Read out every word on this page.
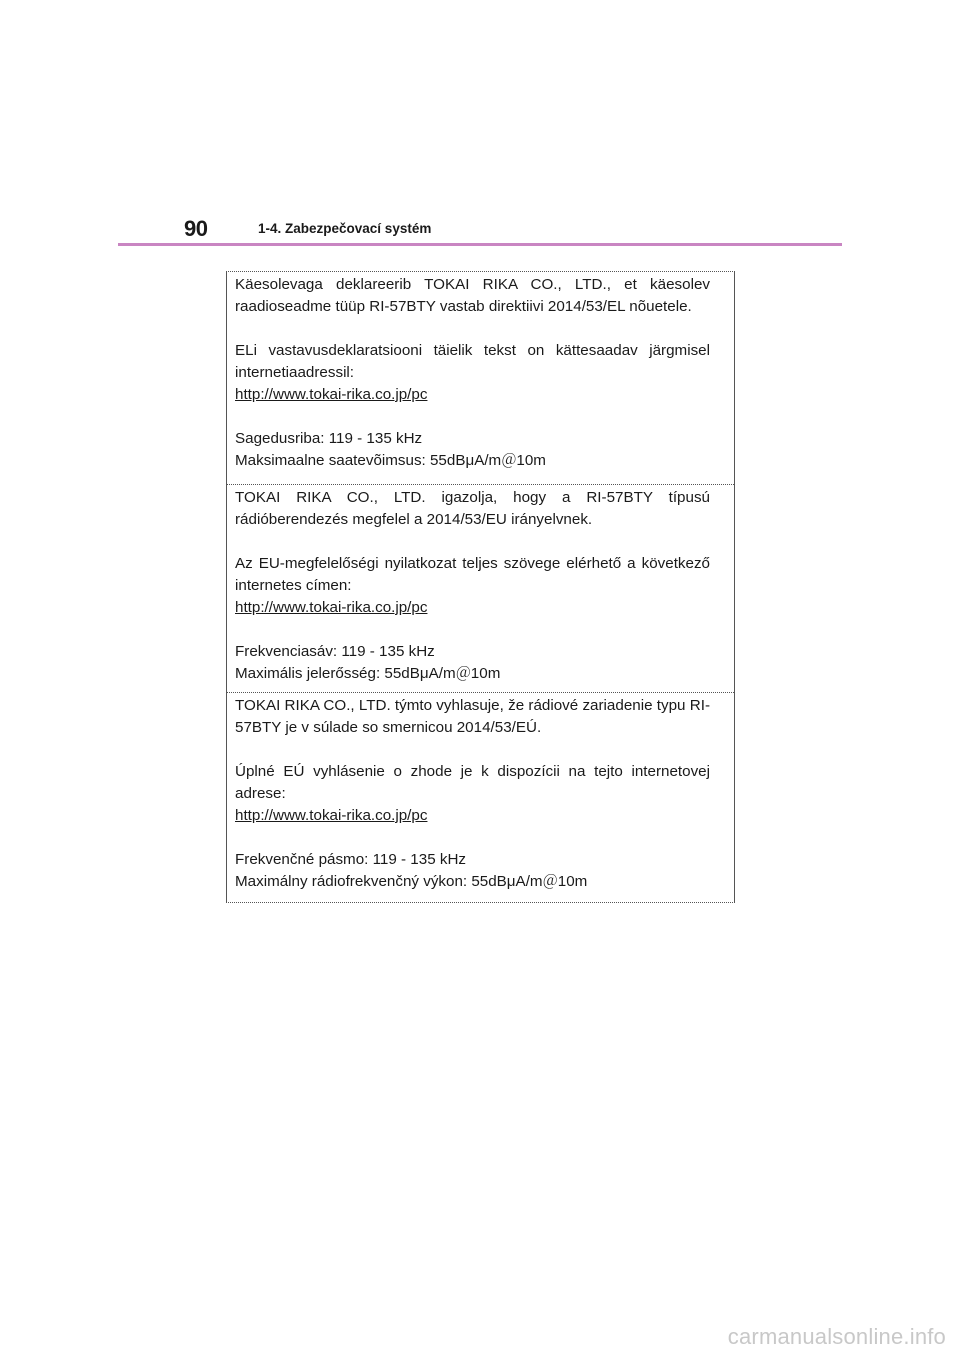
90	1-4. Zabezpečovací systém

Käesolevaga deklareerib TOKAI RIKA CO., LTD., et käesolev raadioseadme tüüp RI-57BTY vastab direktiivi 2014/53/EL nõuetele.

ELi vastavusdeklaratsiooni täielik tekst on kättesaadav järgmisel internetiaadressil:

http://www.tokai-rika.co.jp/pc

Sagedusriba: 119 - 135 kHz

Maksimaalne saatevõimsus: 55dBμA/m＠10m

TOKAI RIKA CO., LTD. igazolja, hogy a RI-57BTY típusú rádióberendezés megfelel a 2014/53/EU irányelvnek.

Az EU-megfelelőségi nyilatkozat teljes szövege elérhető a következő internetes címen:

http://www.tokai-rika.co.jp/pc

Frekvenciasáv: 119 - 135 kHz

Maximális jelerősség: 55dBμA/m＠10m

TOKAI RIKA CO., LTD. týmto vyhlasuje, že rádiové zariadenie typu RI-57BTY je v súlade so smernicou 2014/53/EÚ.

Úplné EÚ vyhlásenie o zhode je k dispozícii na tejto internetovej adrese:

http://www.tokai-rika.co.jp/pc

Frekvenčné pásmo: 119 - 135 kHz

Maximálny rádiofrekvenčný výkon: 55dBμA/m＠10m

carmanualsonline.info
